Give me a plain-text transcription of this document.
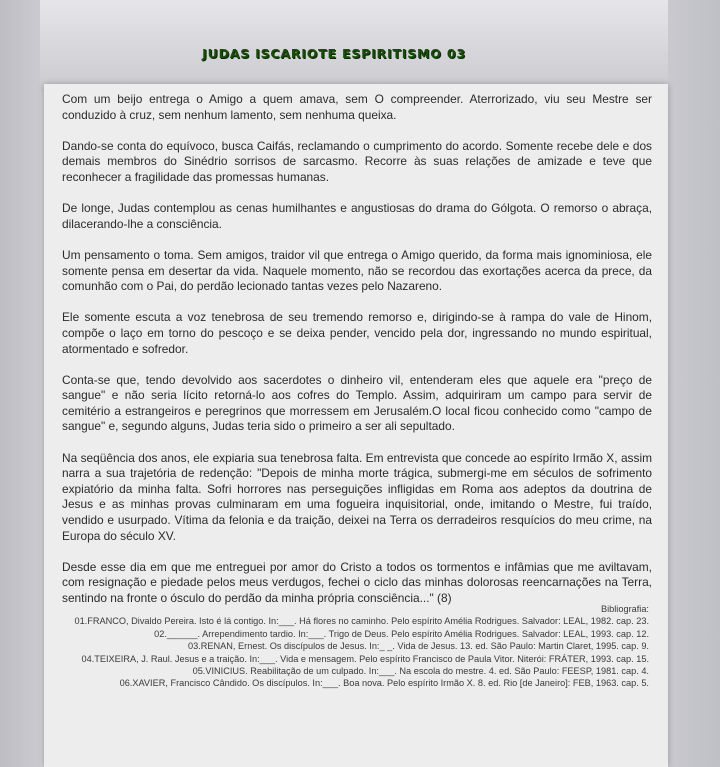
JUDAS ISCARIOTE ESPIRITISMO 03

Com um beijo entrega o Amigo a quem amava, sem O compreender. Aterrorizado, viu seu Mestre ser conduzido à cruz, sem nenhum lamento, sem nenhuma queixa.

Dando-se conta do equívoco, busca Caifás, reclamando o cumprimento do acordo. Somente recebe dele e dos demais membros do Sinédrio sorrisos de sarcasmo. Recorre às suas relações de amizade e teve que reconhecer a fragilidade das promessas humanas.

De longe, Judas contemplou as cenas humilhantes e angustiosas do drama do Gólgota. O remorso o abraça, dilacerando-lhe a consciência.

Um pensamento o toma. Sem amigos, traidor vil que entrega o Amigo querido, da forma mais ignominiosa, ele somente pensa em desertar da vida. Naquele momento, não se recordou das exortações acerca da prece, da comunhão com o Pai, do perdão lecionado tantas vezes pelo Nazareno.

Ele somente escuta a voz tenebrosa de seu tremendo remorso e, dirigindo-se à rampa do vale de Hinom, compõe o laço em torno do pescoço e se deixa pender, vencido pela dor, ingressando no mundo espiritual, atormentado e sofredor.

Conta-se que, tendo devolvido aos sacerdotes o dinheiro vil, entenderam eles que aquele era "preço de sangue" e não seria lícito retorná-lo aos cofres do Templo. Assim, adquiriram um campo para servir de cemitério a estrangeiros e peregrinos que morressem em Jerusalém.O local ficou conhecido como "campo de sangue" e, segundo alguns, Judas teria sido o primeiro a ser ali sepultado.

Na seqüência dos anos, ele expiaria sua tenebrosa falta. Em entrevista que concede ao espírito Irmão X, assim narra a sua trajetória de redenção: "Depois de minha morte trágica, submergi-me em séculos de sofrimento expiatório da minha falta. Sofri horrores nas perseguições infligidas em Roma aos adeptos da doutrina de Jesus e as minhas provas culminaram em uma fogueira inquisitorial, onde, imitando o Mestre, fui traído, vendido e usurpado. Vítima da felonia e da traição, deixei na Terra os derradeiros resquícios do meu crime, na Europa do século XV.

Desde esse dia em que me entreguei por amor do Cristo a todos os tormentos e infâmias que me aviltavam, com resignação e piedade pelos meus verdugos, fechei o ciclo das minhas dolorosas reencarnações na Terra, sentindo na fronte o ósculo do perdão da minha própria consciência..." (8)

Bibliografia:

01.FRANCO, Divaldo Pereira. Isto é lá contigo. In:___. Há flores no caminho. Pelo espírito Amélia Rodrigues. Salvador: LEAL, 1982. cap. 23.

02.______. Arrependimento tardio. In:___. Trigo de Deus. Pelo espírito Amélia Rodrigues. Salvador: LEAL, 1993. cap. 12.

03.RENAN, Ernest. Os discípulos de Jesus. In:_ _. Vida de Jesus. 13. ed. São Paulo: Martin Claret, 1995. cap. 9.

04.TEIXEIRA, J. Raul. Jesus e a traição. In:___. Vida e mensagem. Pelo espírito Francisco de Paula Vitor. Niterói: FRÁTER, 1993. cap. 15.

05.VINICIUS. Reabilitação de um culpado. In:___. Na escola do mestre. 4. ed. São Paulo: FEESP, 1981. cap. 4.

06.XAVIER, Francisco Cândido. Os discípulos. In:___. Boa nova. Pelo espírito Irmão X. 8. ed. Rio [de Janeiro]: FEB, 1963. cap. 5.
